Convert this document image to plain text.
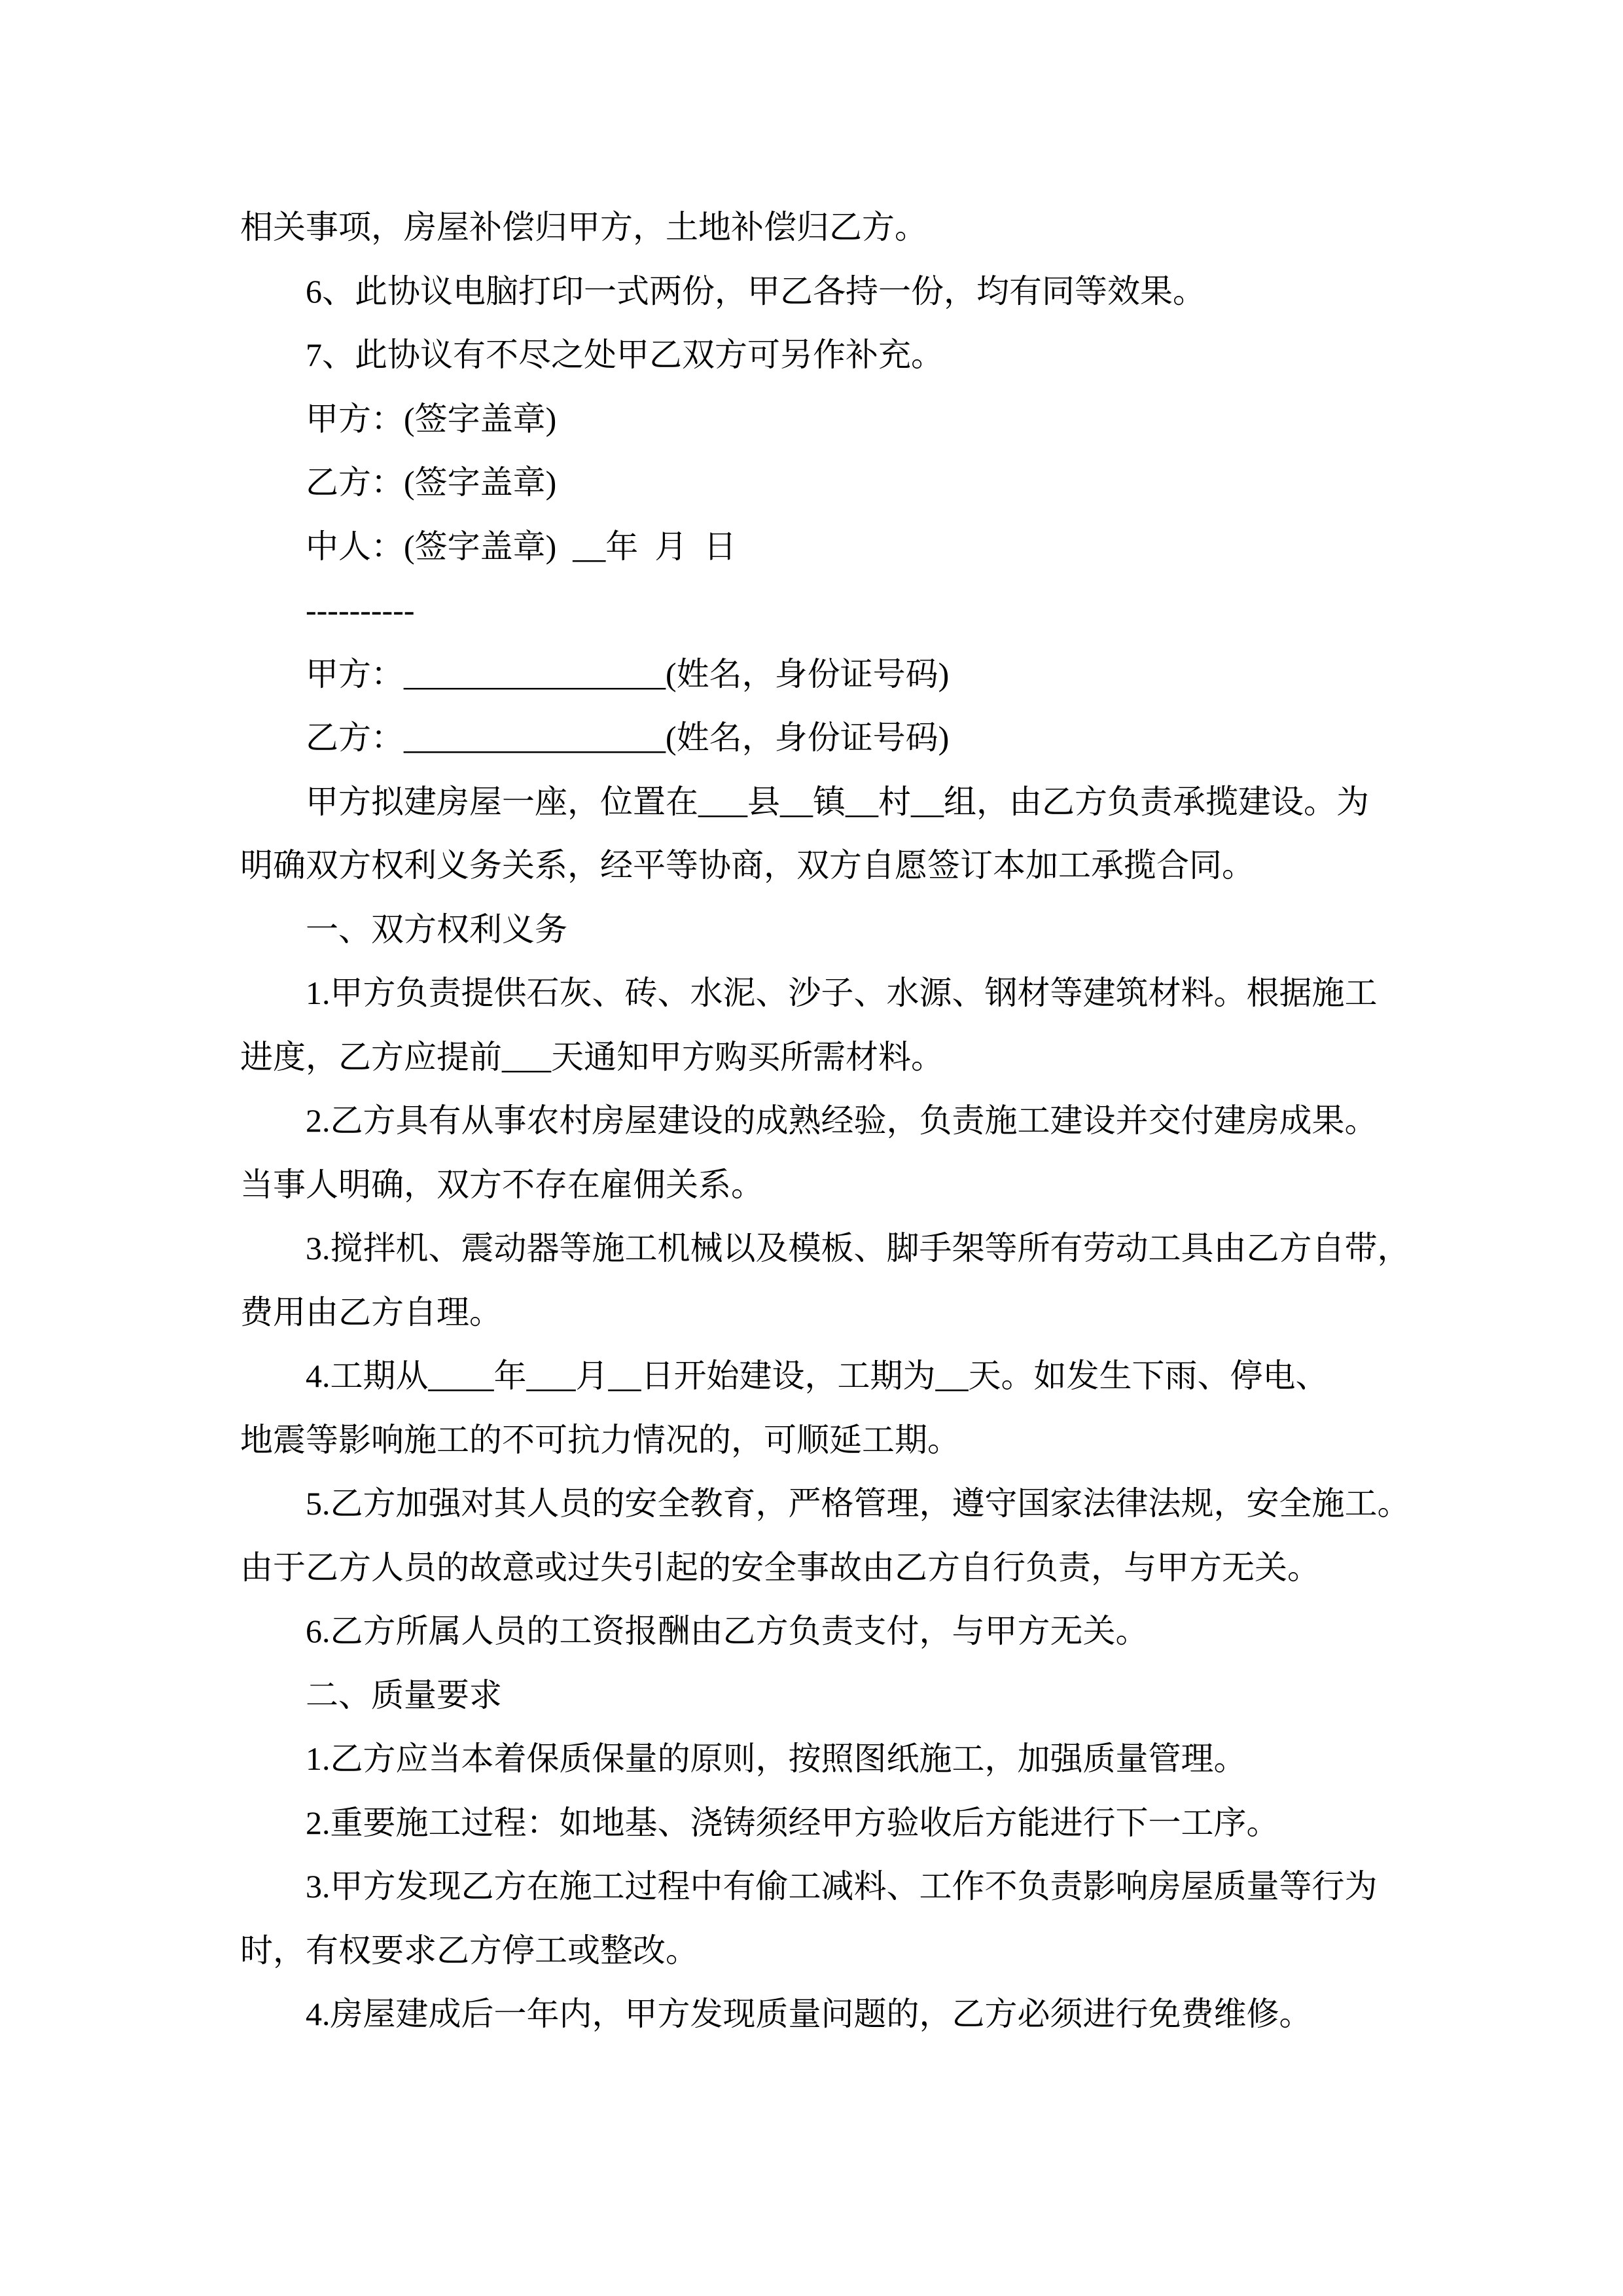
相关事项，房屋补偿归甲方，土地补偿归乙方。

6、此协议电脑打印一式两份，甲乙各持一份，均有同等效果。

7、此协议有不尽之处甲乙双方可另作补充。

甲方：(签字盖章)

乙方：(签字盖章)

中人：(签字盖章)  __年  月  日

----------

甲方：________________(姓名，身份证号码)

乙方：________________(姓名，身份证号码)

甲方拟建房屋一座，位置在___县__镇__村__组，由乙方负责承揽建设。为

明确双方权利义务关系，经平等协商，双方自愿签订本加工承揽合同。

一、双方权利义务

1.甲方负责提供石灰、砖、水泥、沙子、水源、钢材等建筑材料。根据施工

进度，乙方应提前___天通知甲方购买所需材料。

2.乙方具有从事农村房屋建设的成熟经验，负责施工建设并交付建房成果。

当事人明确，双方不存在雇佣关系。

3.搅拌机、震动器等施工机械以及模板、脚手架等所有劳动工具由乙方自带，

费用由乙方自理。

4.工期从____年___月__日开始建设，工期为__天。如发生下雨、停电、

地震等影响施工的不可抗力情况的，可顺延工期。

5.乙方加强对其人员的安全教育，严格管理，遵守国家法律法规，安全施工。

由于乙方人员的故意或过失引起的安全事故由乙方自行负责，与甲方无关。

6.乙方所属人员的工资报酬由乙方负责支付，与甲方无关。

二、质量要求

1.乙方应当本着保质保量的原则，按照图纸施工，加强质量管理。

2.重要施工过程：如地基、浇铸须经甲方验收后方能进行下一工序。

3.甲方发现乙方在施工过程中有偷工减料、工作不负责影响房屋质量等行为

时，有权要求乙方停工或整改。

4.房屋建成后一年内，甲方发现质量问题的，乙方必须进行免费维修。
